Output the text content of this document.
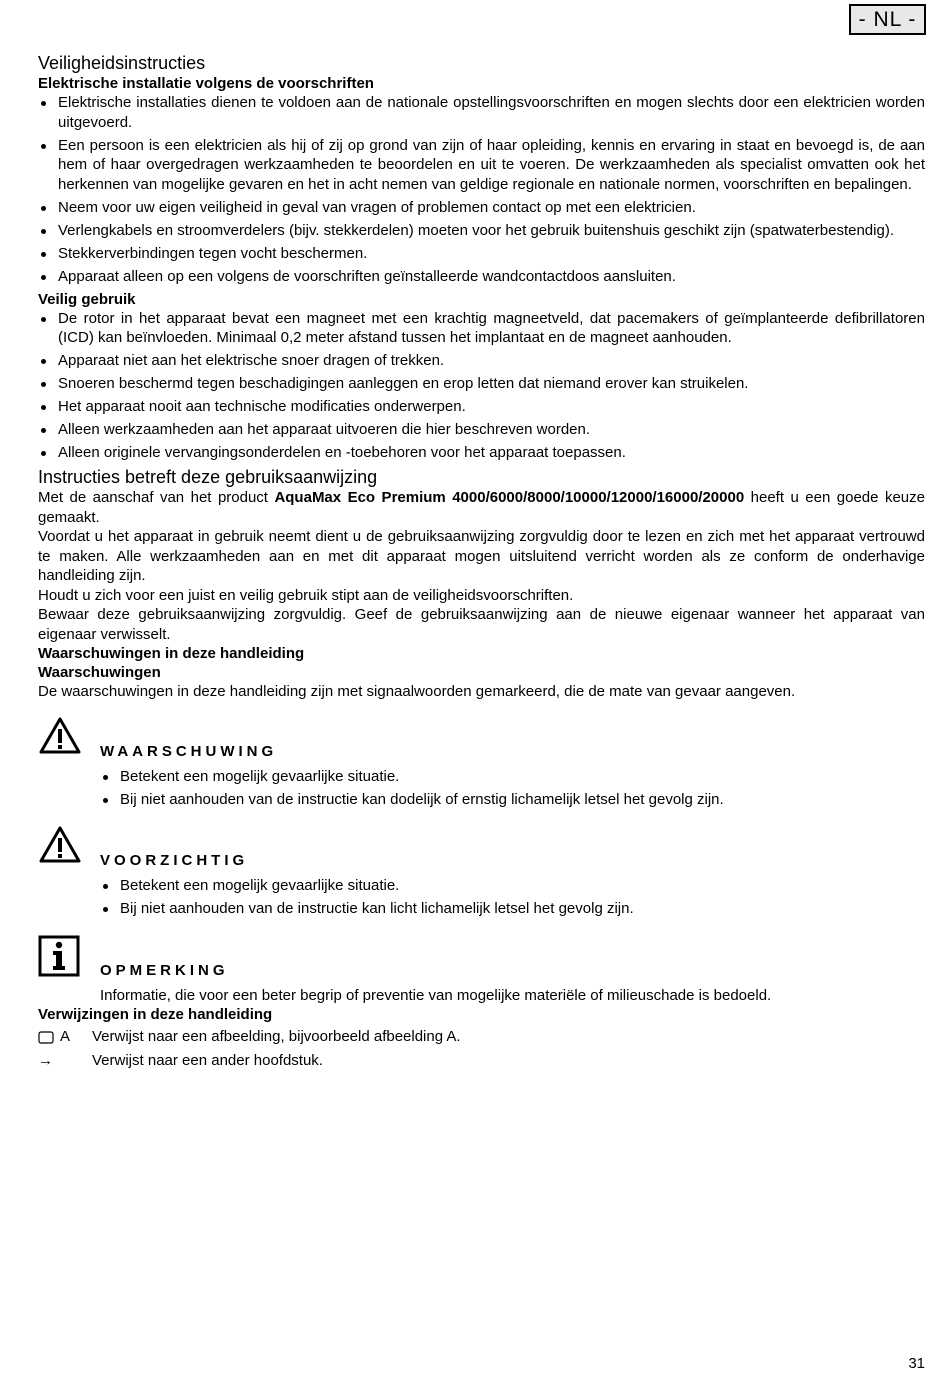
- NL -
Veiligheidsinstructies
Elektrische installatie volgens de voorschriften
Elektrische installaties dienen te voldoen aan de nationale opstellingsvoorschriften en mogen slechts door een elektricien worden uitgevoerd.
Een persoon is een elektricien als hij of zij op grond van zijn of haar opleiding, kennis en ervaring in staat en bevoegd is, de aan hem of haar overgedragen werkzaamheden te beoordelen en uit te voeren. De werkzaamheden als specialist omvatten ook het herkennen van mogelijke gevaren en het in acht nemen van geldige regionale en nationale normen, voorschriften en bepalingen.
Neem voor uw eigen veiligheid in geval van vragen of problemen contact op met een elektricien.
Verlengkabels en stroomverdelers (bijv. stekkerdelen) moeten voor het gebruik buitenshuis geschikt zijn (spatwaterbestendig).
Stekkerverbindingen tegen vocht beschermen.
Apparaat alleen op een volgens de voorschriften geïnstalleerde wandcontactdoos aansluiten.
Veilig gebruik
De rotor in het apparaat bevat een magneet met een krachtig magneetveld, dat pacemakers of geïmplanteerde defibrillatoren (ICD) kan beïnvloeden. Minimaal 0,2 meter afstand tussen het implantaat en de magneet aanhouden.
Apparaat niet aan het elektrische snoer dragen of trekken.
Snoeren beschermd tegen beschadigingen aanleggen en erop letten dat niemand erover kan struikelen.
Het apparaat nooit aan technische modificaties onderwerpen.
Alleen werkzaamheden aan het apparaat uitvoeren die hier beschreven worden.
Alleen originele vervangingsonderdelen en -toebehoren voor het apparaat toepassen.
Instructies betreft deze gebruiksaanwijzing

Met de aanschaf van het product AquaMax Eco Premium 4000/6000/8000/10000/12000/16000/20000 heeft u een goede keuze gemaakt.

Voordat u het apparaat in gebruik neemt dient u de gebruiksaanwijzing zorgvuldig door te lezen en zich met het apparaat vertrouwd te maken. Alle werkzaamheden aan en met dit apparaat mogen uitsluitend verricht worden als ze conform de onderhavige handleiding zijn.

Houdt u zich voor een juist en veilig gebruik stipt aan de veiligheidsvoorschriften.

Bewaar deze gebruiksaanwijzing zorgvuldig. Geef de gebruiksaanwijzing aan de nieuwe eigenaar wanneer het apparaat van eigenaar verwisselt.

Waarschuwingen in deze handleiding
Waarschuwingen

De waarschuwingen in deze handleiding zijn met signaalwoorden gemarkeerd, die de mate van gevaar aangeven.

WAARSCHUWING
Betekent een mogelijk gevaarlijke situatie.
Bij niet aanhouden van de instructie kan dodelijk of ernstig lichamelijk letsel het gevolg zijn.
VOORZICHTIG
Betekent een mogelijk gevaarlijke situatie.
Bij niet aanhouden van de instructie kan licht lichamelijk letsel het gevolg zijn.
OPMERKING

Informatie, die voor een beter begrip of preventie van mogelijke materiële of milieuschade is bedoeld.

Verwijzingen in deze handleiding
A Verwijst naar een afbeelding, bijvoorbeeld afbeelding A.
→	Verwijst naar een ander hoofdstuk.
31
